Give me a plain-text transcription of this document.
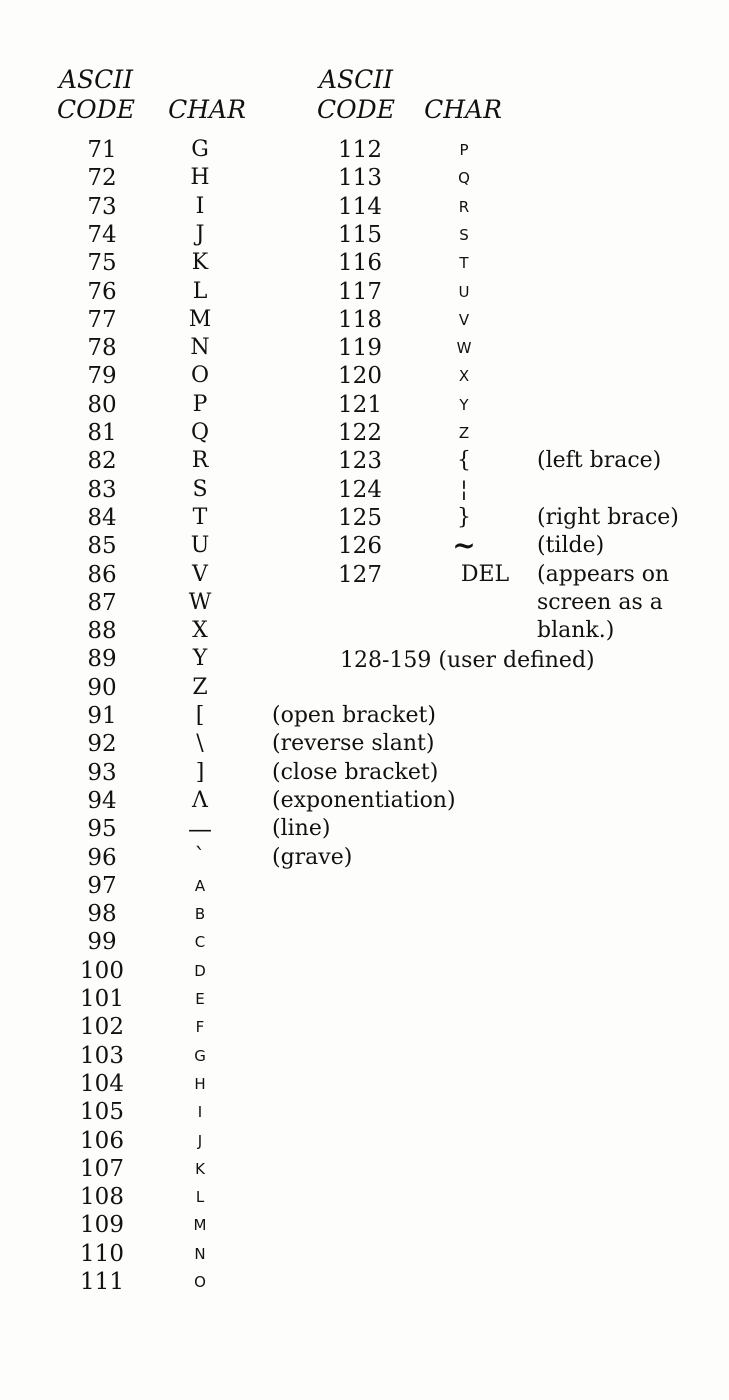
ASCII
CODE CHAR
ASCII
CODE CHAR
71	G
72	H
73	I
74	J
75	K
76	L
77	M
78	N
79	O
80	P
81	Q
82	R
83	S
84	T
85	U
86	V
87	W
88	X
89	Y
90	Z
91	[	(open bracket)
92	\	(reverse slant)
93	]	(close bracket)
94	Λ	(exponentiation)
95	—	(line)
96	`	(grave)
97	A
98	B
99	C
100	D
101	E
102	F
103	G
104	H
105	I
106	J
107	K
108	L
109	M
110	N
111	O
112	P
113	Q
114	R
115	S
116	T
117	U
118	V
119	W
120	X
121	Y
122	Z
123	{	(left brace)
124	¦
125	}	(right brace)
126	~	(tilde)
127	DEL	(appears on
screen as a
blank.)
128-159 (user defined)
